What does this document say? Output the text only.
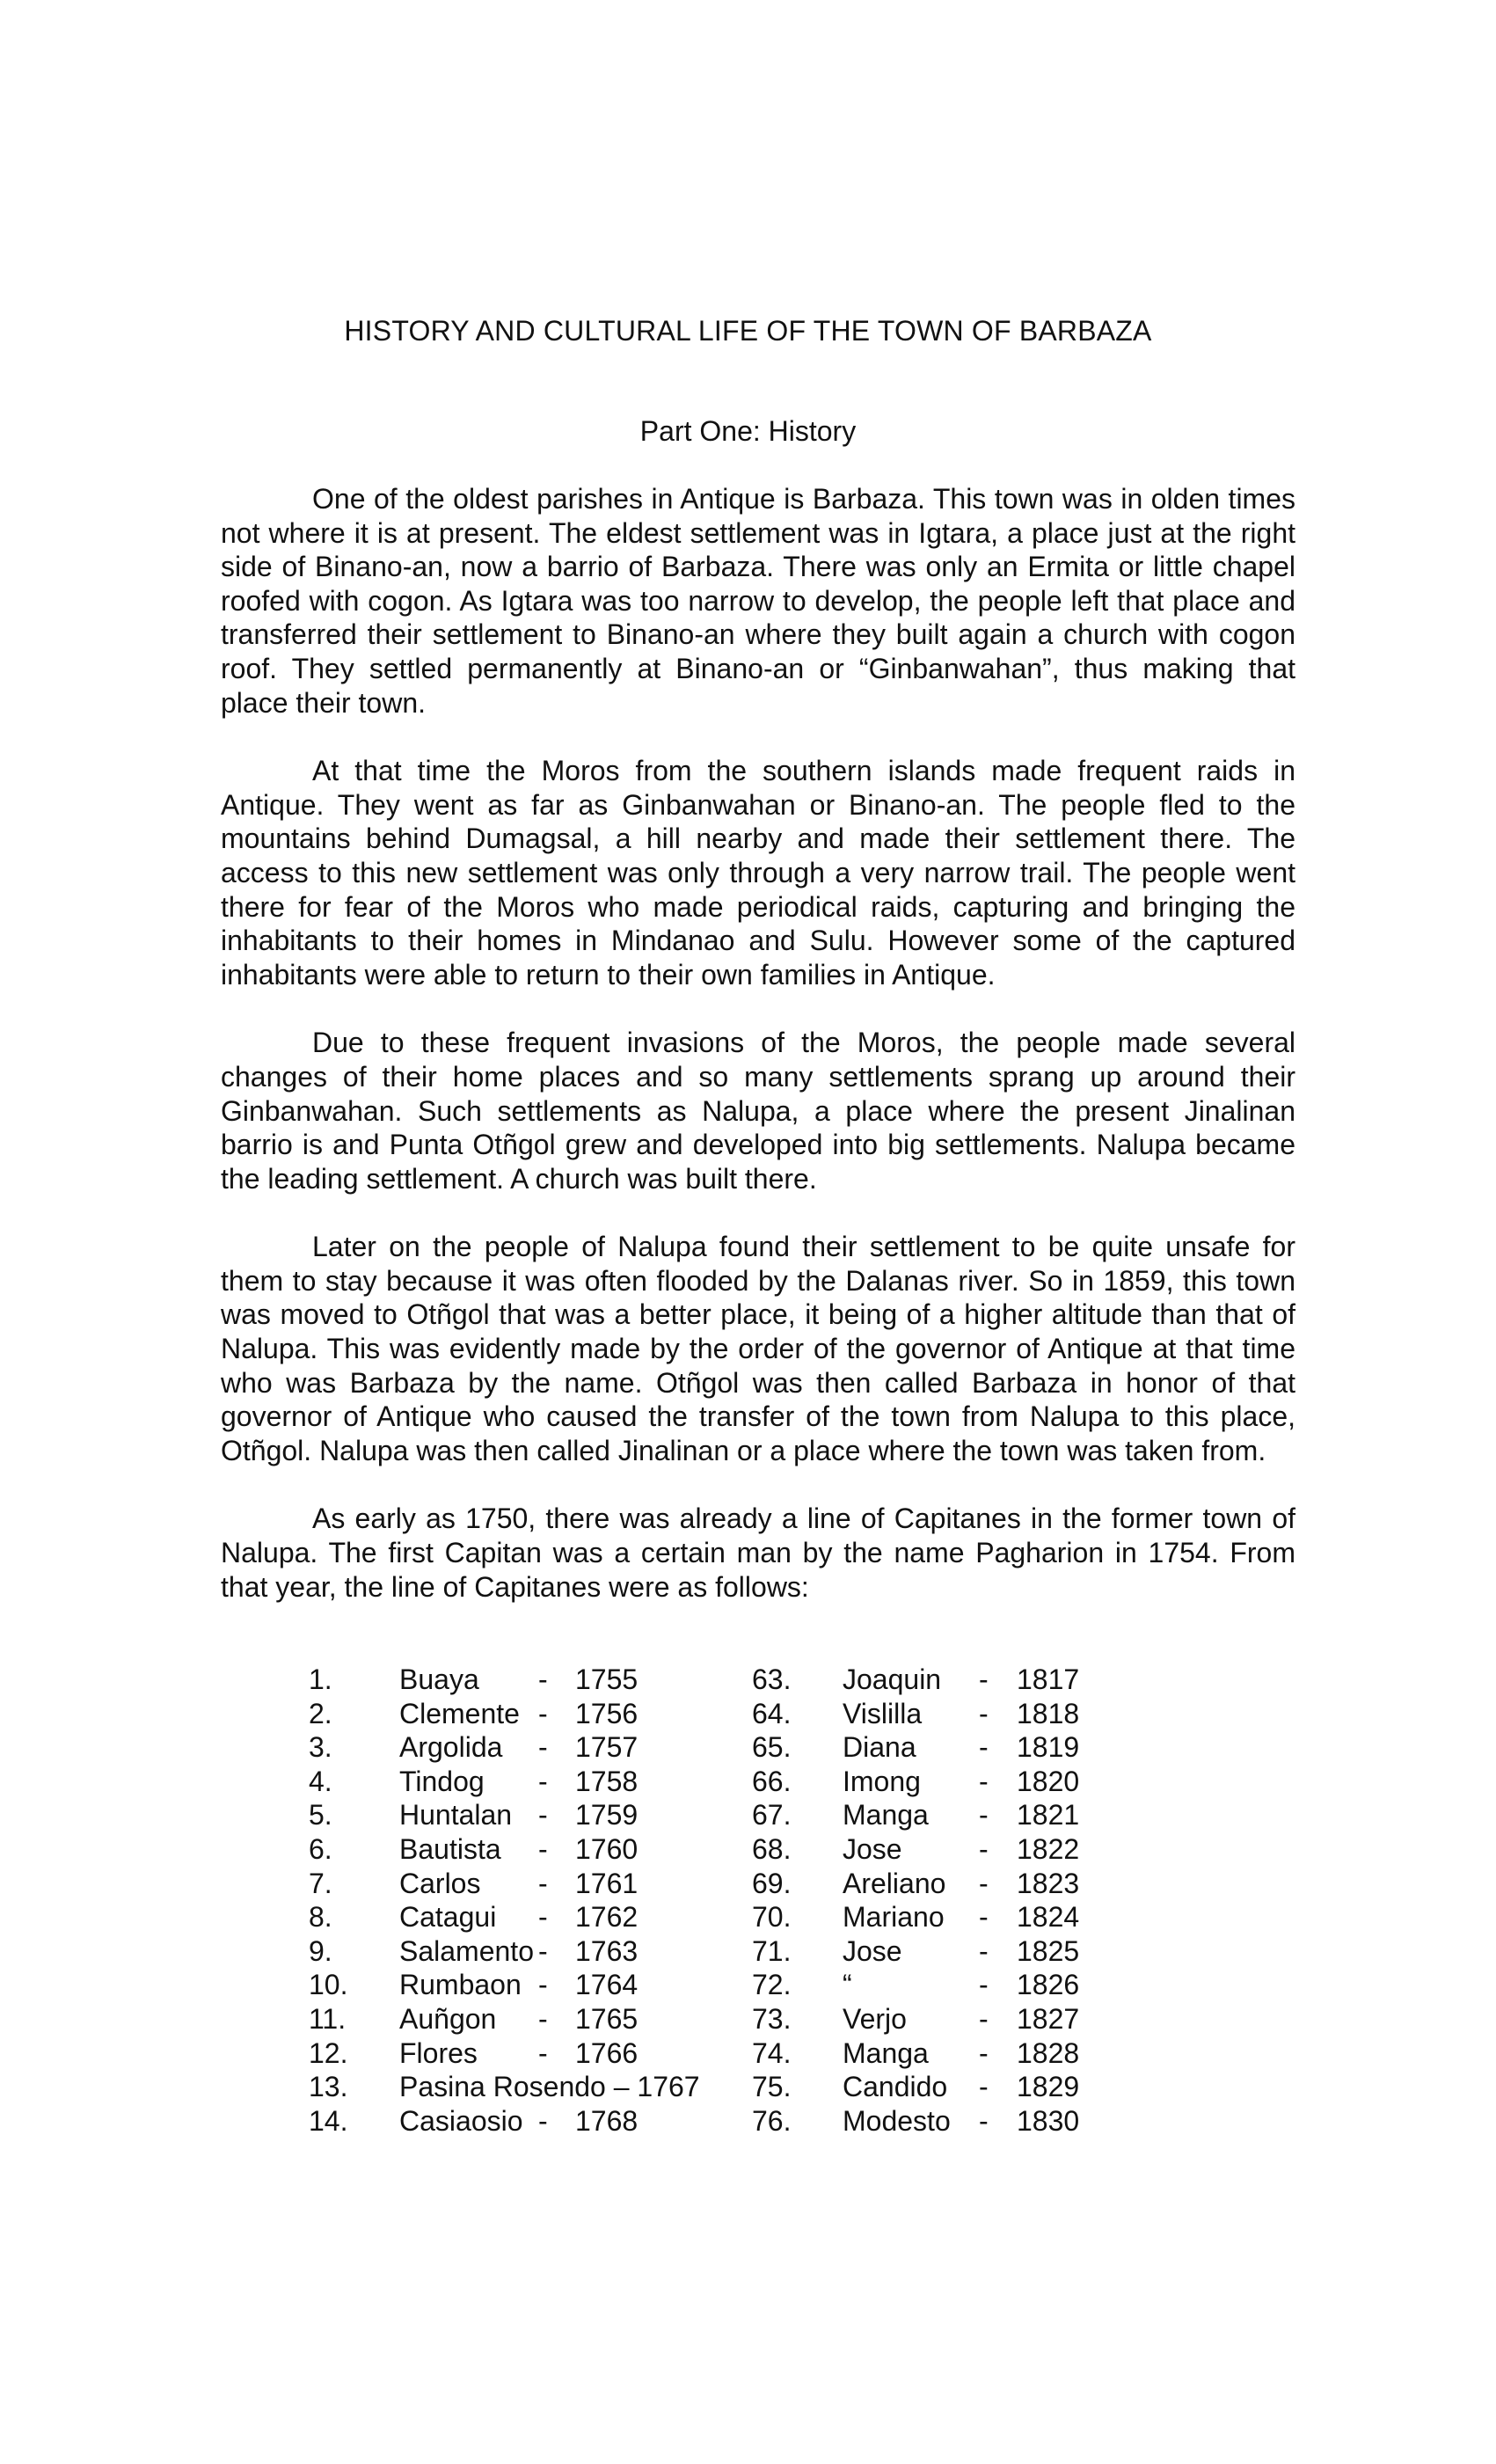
HISTORY AND CULTURAL LIFE OF THE TOWN OF BARBAZA
Part One: History

One of the oldest parishes in Antique is Barbaza. This town was in olden times not where it is at present. The eldest settlement was in Igtara, a place just at the right side of Binano-an, now a barrio of Barbaza. There was only an Ermita or little chapel roofed with cogon. As Igtara was too narrow to develop, the people left that place and transferred their settlement to Binano-an where they built again a church with cogon roof. They settled permanently at Binano-an or “Ginbanwahan”, thus making that place their town.

At that time the Moros from the southern islands made frequent raids in Antique. They went as far as Ginbanwahan or Binano-an. The people fled to the mountains behind Dumagsal, a hill nearby and made their settlement there. The access to this new settlement was only through a very narrow trail. The people went there for fear of the Moros who made periodical raids, capturing and bringing the inhabitants to their homes in Mindanao and Sulu. However some of the captured inhabitants were able to return to their own families in Antique.

Due to these frequent invasions of the Moros, the people made several changes of their home places and so many settlements sprang up around their Ginbanwahan. Such settlements as Nalupa, a place where the present Jinalinan barrio is and Punta Otñgol grew and developed into big settlements. Nalupa became the leading settlement. A church was built there.

Later on the people of Nalupa found their settlement to be quite unsafe for them to stay because it was often flooded by the Dalanas river. So in 1859, this town was moved to Otñgol that was a better place, it being of a higher altitude than that of Nalupa. This was evidently made by the order of the governor of Antique at that time who was Barbaza by the name. Otñgol was then called Barbaza in honor of that governor of Antique who caused the transfer of the town from Nalupa to this place, Otñgol. Nalupa was then called Jinalinan or a place where the town was taken from.

As early as 1750, there was already a line of Capitanes in the former town of Nalupa. The first Capitan was a certain man by the name Pagharion in 1754. From that year, the line of Capitanes were as follows:

1. Buaya - 1755
2. Clemente - 1756
3. Argolida - 1757
4. Tindog - 1758
5. Huntalan - 1759
6. Bautista - 1760
7. Carlos - 1761
8. Catagui - 1762
9. Salamento - 1763
10. Rumbaon - 1764
11. Auñgon - 1765
12. Flores - 1766
13. Pasina Rosendo – 1767
14. Casiaosio - 1768
63. Joaquin - 1817
64. Vislilla - 1818
65. Diana - 1819
66. Imong - 1820
67. Manga - 1821
68. Jose	- 1822
69. Areliano - 1823
70. Mariano - 1824
71. Jose	- 1825
72. “	- 1826
73. Verjo	- 1827
74. Manga - 1828
75. Candido - 1829
76. Modesto - 1830
